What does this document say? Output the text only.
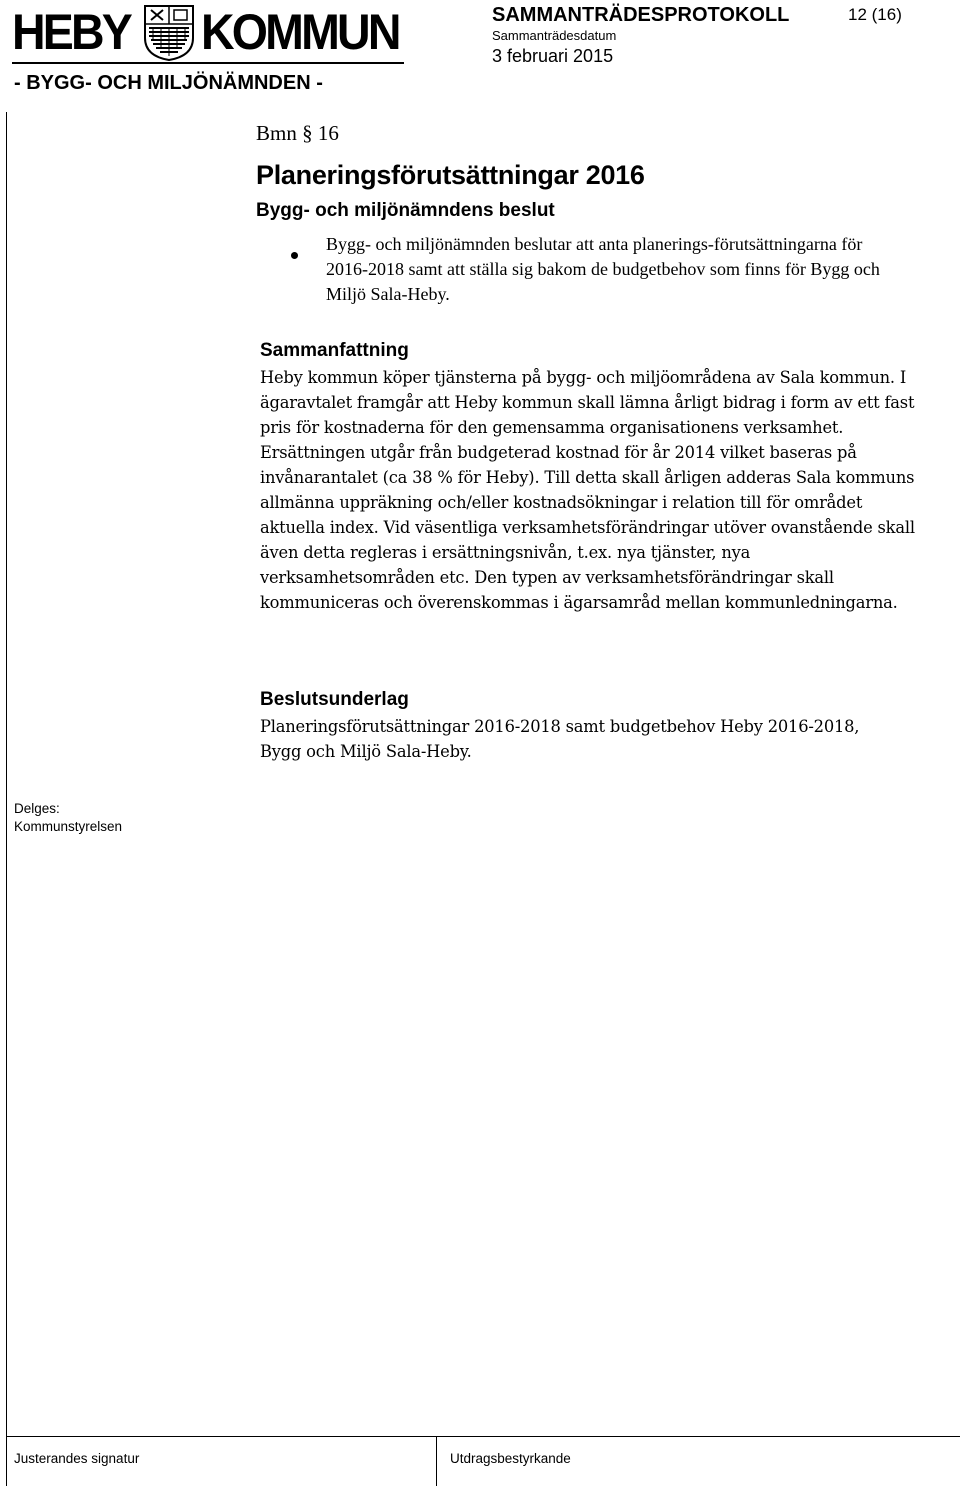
HEBY KOMMUN
- BYGG- OCH MILJÖNÄMNDEN -
SAMMANTRÄDESPROTOKOLL	12 (16)
Sammanträdesdatum
3 februari 2015
Bmn § 16
Planeringsförutsättningar 2016
Bygg- och miljönämndens beslut
Bygg- och miljönämnden beslutar att anta planerings-förutsättningarna för 2016-2018 samt att ställa sig bakom de budgetbehov som finns för Bygg och Miljö Sala-Heby.
Sammanfattning
Heby kommun köper tjänsterna på bygg- och miljöområdena av Sala kommun. I ägaravtalet framgår att Heby kommun skall lämna årligt bidrag i form av ett fast pris för kostnaderna för den gemensamma organisationens verksamhet. Ersättningen utgår från budgeterad kostnad för år 2014 vilket baseras på invånarantalet (ca 38 % för Heby). Till detta skall årligen adderas Sala kommuns allmänna uppräkning och/eller kostnadsökningar i relation till för området aktuella index. Vid väsentliga verksamhetsförändringar utöver ovanstående skall även detta regleras i ersättningsnivån, t.ex. nya tjänster, nya verksamhetsområden etc. Den typen av verksamhetsförändringar skall kommuniceras och överenskommas i ägarsamråd mellan kommunledningarna.
Beslutsunderlag
Planeringsförutsättningar 2016-2018 samt budgetbehov Heby 2016-2018, Bygg och Miljö Sala-Heby.
Delges:
Kommunstyrelsen
Justerandes signatur	Utdragsbestyrkande
